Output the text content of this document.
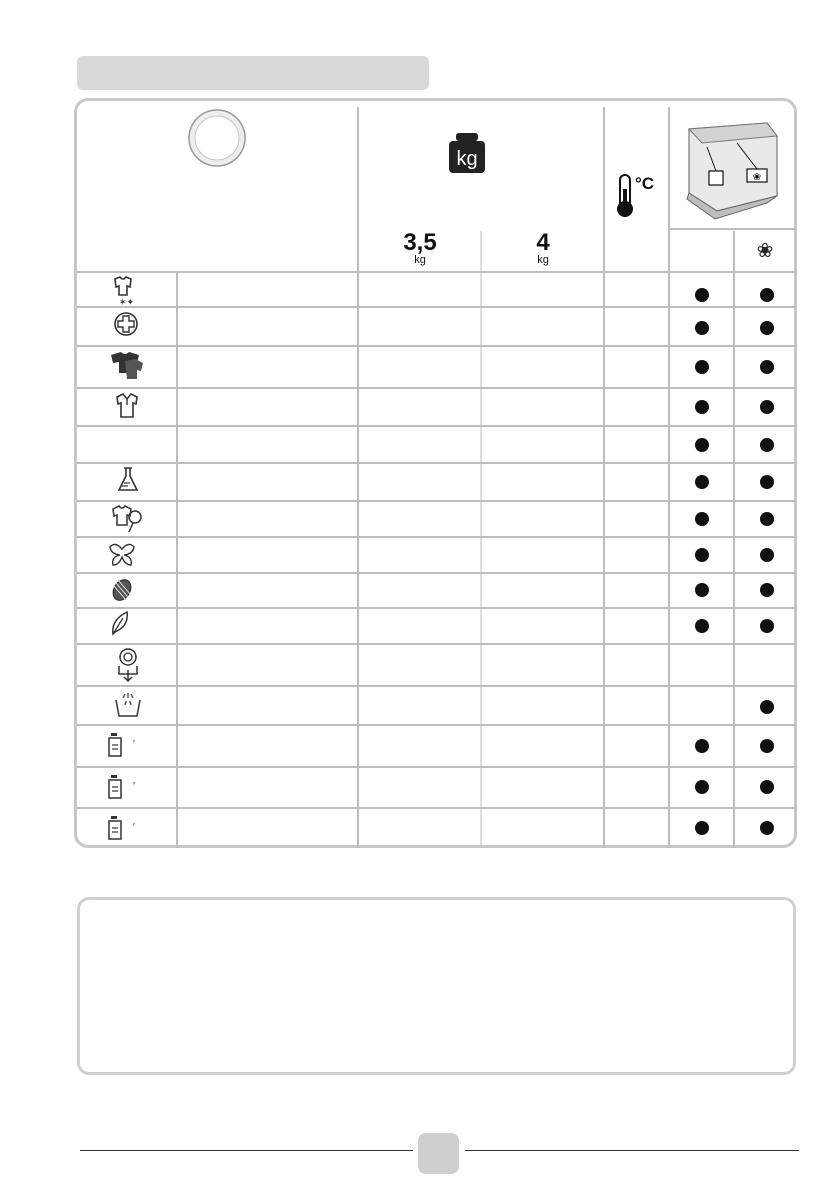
kg
❀
❀
3,5
kg
4
kg
°C
✶✦
′
′
′
